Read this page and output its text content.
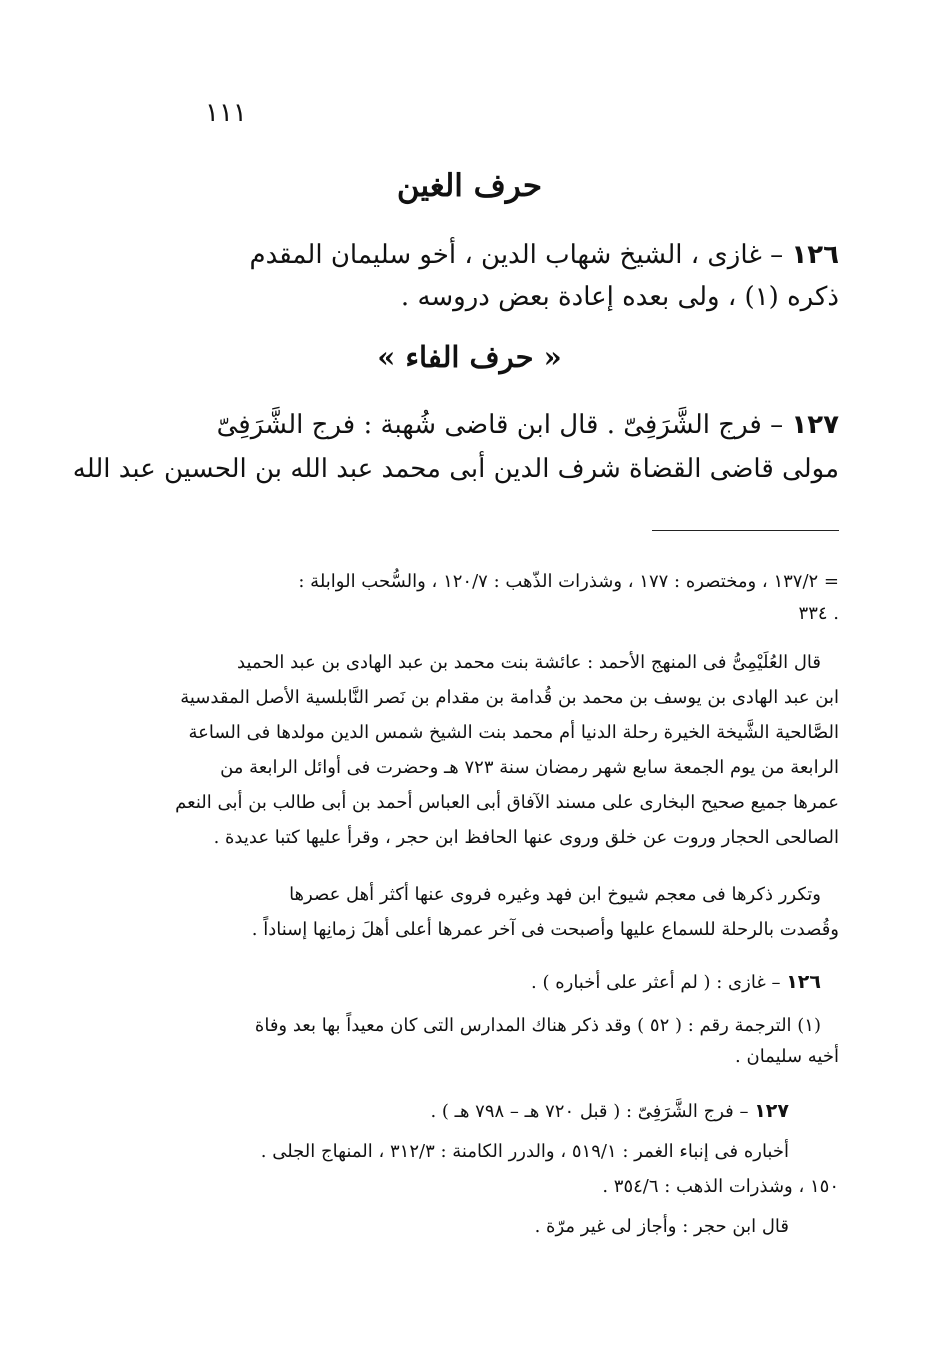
١١١
حرف الغين
١٢٦ – غازى ، الشيخ شهاب الدين ، أخو سليمان المقدم
ذكره (١) ، ولى بعده إعادة بعض دروسه .
« حرف الفاء »
١٢٧ – فرج الشَّرَفِىّ . قال ابن قاضى شُهبة : فرج الشَّرَفِىّ
مولى قاضى القضاة شرف الدين أبى محمد عبد الله بن الحسين عبد الله
= ١٣٧/٢ ، ومختصره : ١٧٧ ، وشذرات الذّهب : ١٢٠/٧ ، والسُّحب الوابلة :
. ٣٣٤
قال العُلَيْمِىُّ فى المنهج الأحمد : عائشة بنت محمد بن عبد الهادى بن عبد الحميد
ابن عبد الهادى بن يوسف بن محمد بن قُدامة بن مقدام بن نَصر النَّابلسية الأصل المقدسية
الصَّالحية الشَّيخة الخيرة رحلة الدنيا أم محمد بنت الشيخ شمس الدين مولدها فى الساعة
الرابعة من يوم الجمعة سابع شهر رمضان سنة ٧٢٣ هـ وحضرت فى أوائل الرابعة من
عمرها جميع صحيح البخارى على مسند الآفاق أبى العباس أحمد بن أبى طالب بن أبى النعم
الصالحى الحجار وروت عن خلق وروى عنها الحافظ ابن حجر ، وقرأ عليها كتبا عديدة .
وتكرر ذكرها فى معجم شيوخ ابن فهد وغيره فروى عنها أكثر أهل عصرها
وقُصدت بالرحلة للسماع عليها وأصبحت فى آخر عمرها أعلى أهلَ زمانِها إسناداً .
١٢٦ – غازى : ( لم أعثر على أخباره ) .
(١) الترجمة رقم : ( ٥٢ ) وقد ذكر هناك المدارس التى كان معيداً بها بعد وفاة
أخيه سليمان .
١٢٧ – فرج الشَّرَفِىّ : ( قبل ٧٢٠ هـ – ٧٩٨ هـ ) .
أخباره فى إنباء الغمر : ٥١٩/١ ، والدرر الكامنة : ٣١٢/٣ ، المنهاج الجلى .
١٥٠ ، وشذرات الذهب : ٣٥٤/٦ .
قال ابن حجر : وأجاز لى غير مرّة .
